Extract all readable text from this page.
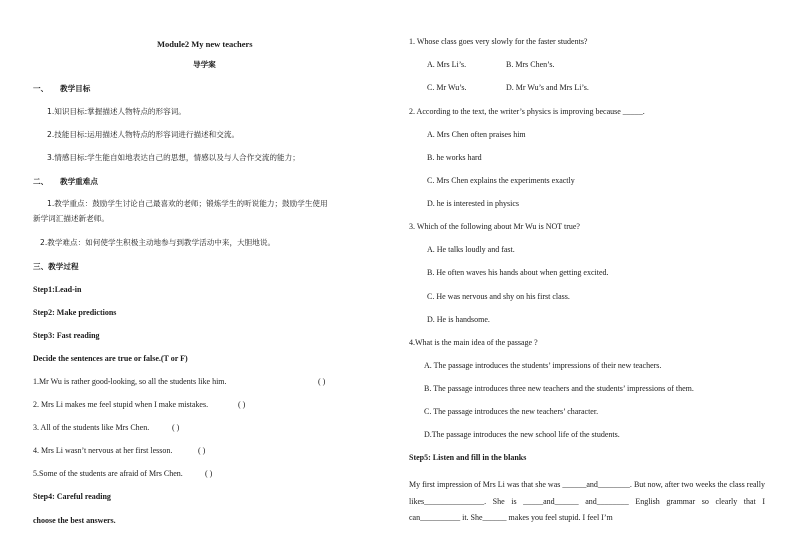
Module2 My new teachers
导学案
一、 教学目标
1.知识目标:掌握描述人物特点的形容词。
2.技能目标:运用描述人物特点的形容词进行描述和交流。
3.情感目标:学生能自如地表达自己的思想，情感以及与人合作交流的能力；
二、 教学重难点
1.教学重点：鼓励学生讨论自己最喜欢的老师；锻炼学生的听说能力；鼓励学生使用
新学词汇描述新老师。
2.教学难点：如何使学生积极主动地参与到教学活动中来，大胆地说。
三、教学过程
Step1:Lead-in
Step2: Make predictions
Step3: Fast reading
Decide the sentences are true or false.(T or F)
1.Mr Wu is rather good-looking, so all the students like him.	( )
2. Mrs Li makes me feel stupid when I make mistakes.	( )
3. All of the students like Mrs Chen.	( )
4. Mrs Li wasn’t nervous at her first lesson.	( )
5.Some of the students are afraid of Mrs Chen.	( )
Step4: Careful reading
choose the best answers.
1. Whose class goes very slowly for the faster students?
A. Mrs Li’s.	B. Mrs Chen’s.
C. Mr Wu’s.	D. Mr Wu’s and Mrs Li’s.
2. According to the text, the writer’s physics is improving because _____.
A. Mrs Chen often praises him
B. he works hard
C. Mrs Chen explains the experiments exactly
D. he is interested in physics
3. Which of the following about Mr Wu is NOT true?
A. He talks loudly and fast.
B. He often waves his hands about when getting excited.
C. He was nervous and shy on his first class.
D. He is handsome.
4.What is the main idea of the passage ?
A. The passage introduces the students’ impressions of their new teachers.
B. The passage introduces three new teachers and the students’ impressions of them.
C. The passage introduces the new teachers’ character.
D.The passage introduces the new school life of the students.
Step5: Listen and fill in the blanks
My first impression of Mrs Li was that she was ______and________. But now, after two weeks the class really likes_______________. She is _____and______ and________ English grammar so clearly that I can__________ it. She______ makes you feel stupid. I feel I’m
